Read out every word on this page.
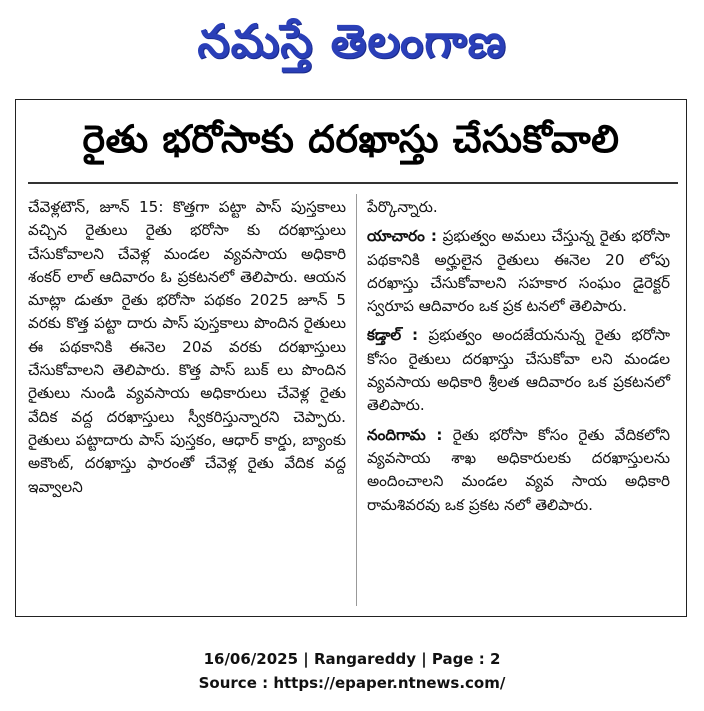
నమస్తే తెలంగాణ
రైతు భరోసాకు దరఖాస్తు చేసుకోవాలి

చేవెళ్లటౌన్‌, జూన్‌ 15: కొత్తగా పట్టా పాస్‌ పుస్తకాలు వచ్చిన రైతులు రైతు భరోసా కు దరఖాస్తులు చేసుకోవాలని చేవెళ్ల మండల వ్యవసాయ అధికారి శంకర్‌ లాల్‌ ఆదివారం ఓ ప్రకటనలో తెలిపారు. ఆయన మాట్లా డుతూ రైతు భరోసా పథకం 2025 జూన్‌ 5 వరకు కొత్త పట్టా దారు పాస్‌ పుస్తకాలు పొందిన రైతులు ఈ పథకానికి ఈనెల 20వ వరకు దరఖాస్తులు చేసుకోవాలని తెలిపారు. కొత్త పాస్‌ బుక్‌ లు పొందిన రైతులు నుండి వ్యవసాయ అధికారులు చేవెళ్ల రైతు వేదిక వద్ద దరఖాస్తులు స్వీకరిస్తున్నారని చెప్పారు. రైతులు పట్టాదారు పాస్‌ పుస్తకం, ఆధార్‌ కార్డు, బ్యాంకు అకౌంట్‌, దరఖాస్తు ఫారంతో చేవెళ్ల రైతు వేదిక వద్ద ఇవ్వాలని

పేర్కొన్నారు.

యాచారం : ప్రభుత్వం అమలు చేస్తున్న రైతు భరోసా పథకానికి అర్హులైన రైతులు ఈనెల 20 లోపు దరఖాస్తు చేసుకోవాలని సహకార సంఘం డైరెక్టర్‌ స్వరూప ఆదివారం ఒక ప్రక టనలో తెలిపారు.

కడ్తాల్‌ : ప్రభుత్వం అందజేయనున్న రైతు భరోసా కోసం రైతులు దరఖాస్తు చేసుకోవా లని మండల వ్యవసాయ అధికారి శ్రీలత ఆదివారం ఒక ప్రకటనలో తెలిపారు.

నందిగామ : రైతు భరోసా కోసం రైతు వేదికలోని వ్యవసాయ శాఖ అధికారులకు దరఖాస్తులను అందించాలని మండల వ్యవ సాయ అధికారి రామశివరవు ఒక ప్రకట నలో తెలిపారు.

16/06/2025 | Rangareddy | Page : 2
Source : https://epaper.ntnews.com/
